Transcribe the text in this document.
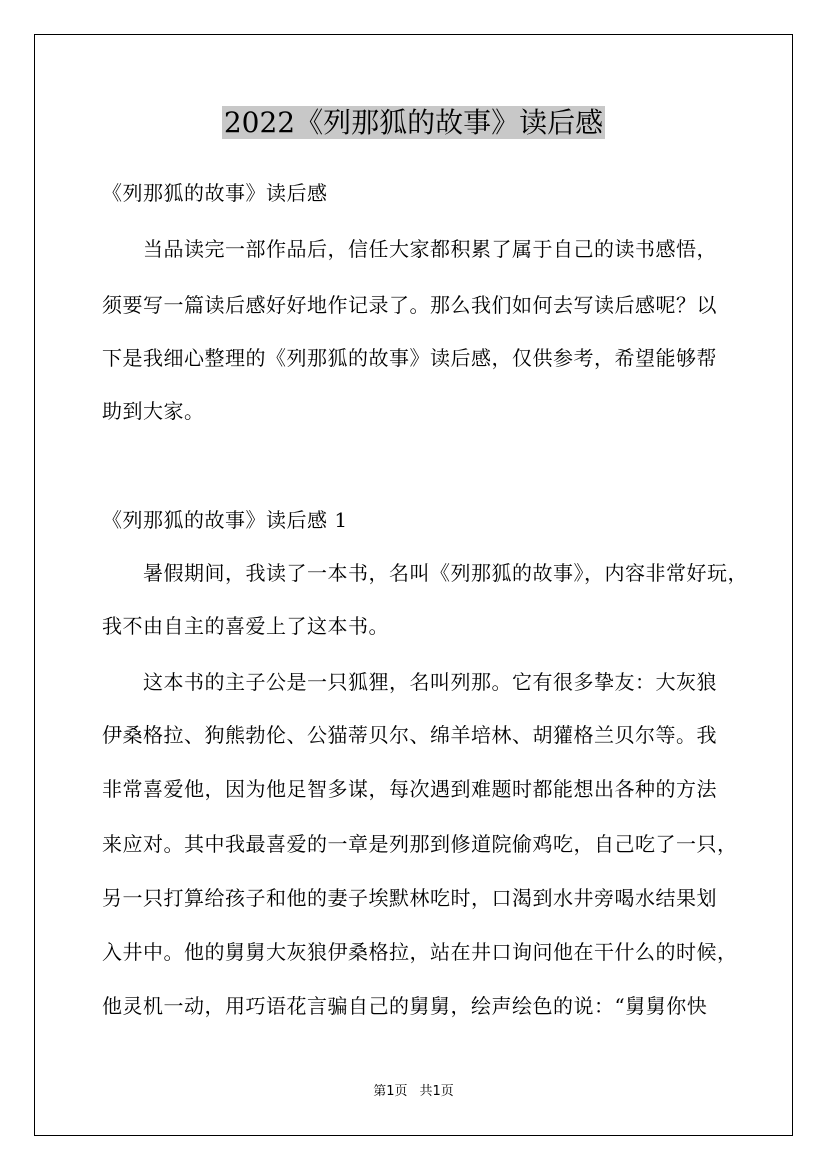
2022《列那狐的故事》读后感
《列那狐的故事》读后感
　　当品读完一部作品后，信任大家都积累了属于自己的读书感悟，
须要写一篇读后感好好地作记录了。那么我们如何去写读后感呢？以
下是我细心整理的《列那狐的故事》读后感，仅供参考，希望能够帮
助到大家。
《列那狐的故事》读后感 1
　　暑假期间，我读了一本书，名叫《列那狐的故事》，内容非常好玩，
我不由自主的喜爱上了这本书。
　　这本书的主子公是一只狐狸，名叫列那。它有很多挚友：大灰狼
伊桑格拉、狗熊勃伦、公猫蒂贝尔、绵羊培林、胡獾格兰贝尔等。我
非常喜爱他，因为他足智多谋，每次遇到难题时都能想出各种的方法
来应对。其中我最喜爱的一章是列那到修道院偷鸡吃，自己吃了一只，
另一只打算给孩子和他的妻子埃默林吃时，口渴到水井旁喝水结果划
入井中。他的舅舅大灰狼伊桑格拉，站在井口询问他在干什么的时候，
他灵机一动，用巧语花言骗自己的舅舅，绘声绘色的说：“舅舅你快
第1页 共1页
